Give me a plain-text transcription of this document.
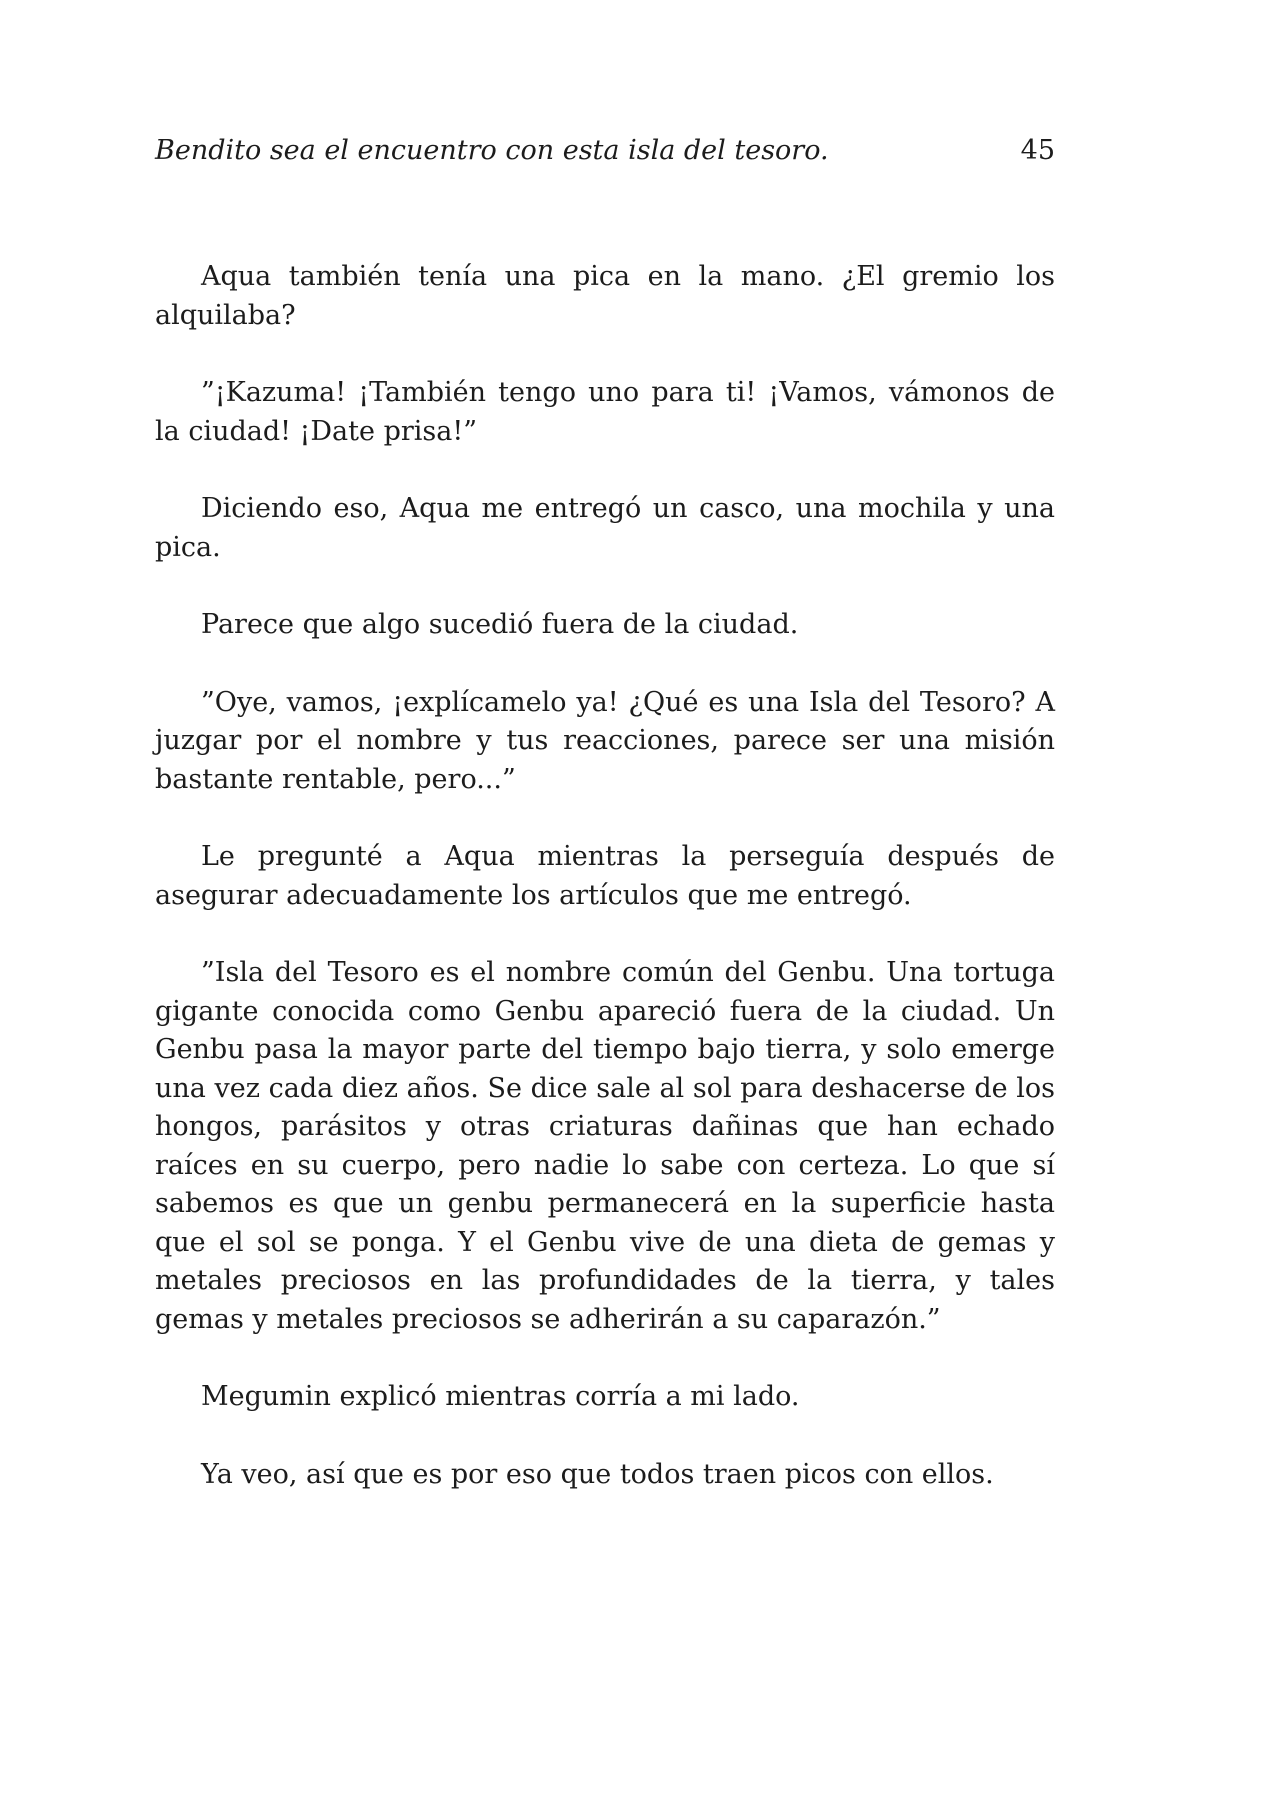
Bendito sea el encuentro con esta isla del tesoro.	45

Aqua también tenía una pica en la mano. ¿El gremio los alquilaba?

”¡Kazuma! ¡También tengo uno para ti! ¡Vamos, vámonos de la ciudad! ¡Date prisa!”

Diciendo eso, Aqua me entregó un casco, una mochila y una pica.

Parece que algo sucedió fuera de la ciudad.

”Oye, vamos, ¡explícamelo ya! ¿Qué es una Isla del Tesoro? A juzgar por el nombre y tus reacciones, parece ser una misión bastante rentable, pero...”

Le pregunté a Aqua mientras la perseguía después de asegurar adecuadamente los artículos que me entregó.

”Isla del Tesoro es el nombre común del Genbu. Una tortuga gigante conocida como Genbu apareció fuera de la ciudad. Un Genbu pasa la mayor parte del tiempo bajo tierra, y solo emerge una vez cada diez años. Se dice sale al sol para deshacerse de los hongos, parásitos y otras criaturas dañinas que han echado raíces en su cuerpo, pero nadie lo sabe con certeza. Lo que sí sabemos es que un genbu permanecerá en la superficie hasta que el sol se ponga. Y el Genbu vive de una dieta de gemas y metales preciosos en las profundidades de la tierra, y tales gemas y metales preciosos se adherirán a su caparazón.”

Megumin explicó mientras corría a mi lado.

Ya veo, así que es por eso que todos traen picos con ellos.
